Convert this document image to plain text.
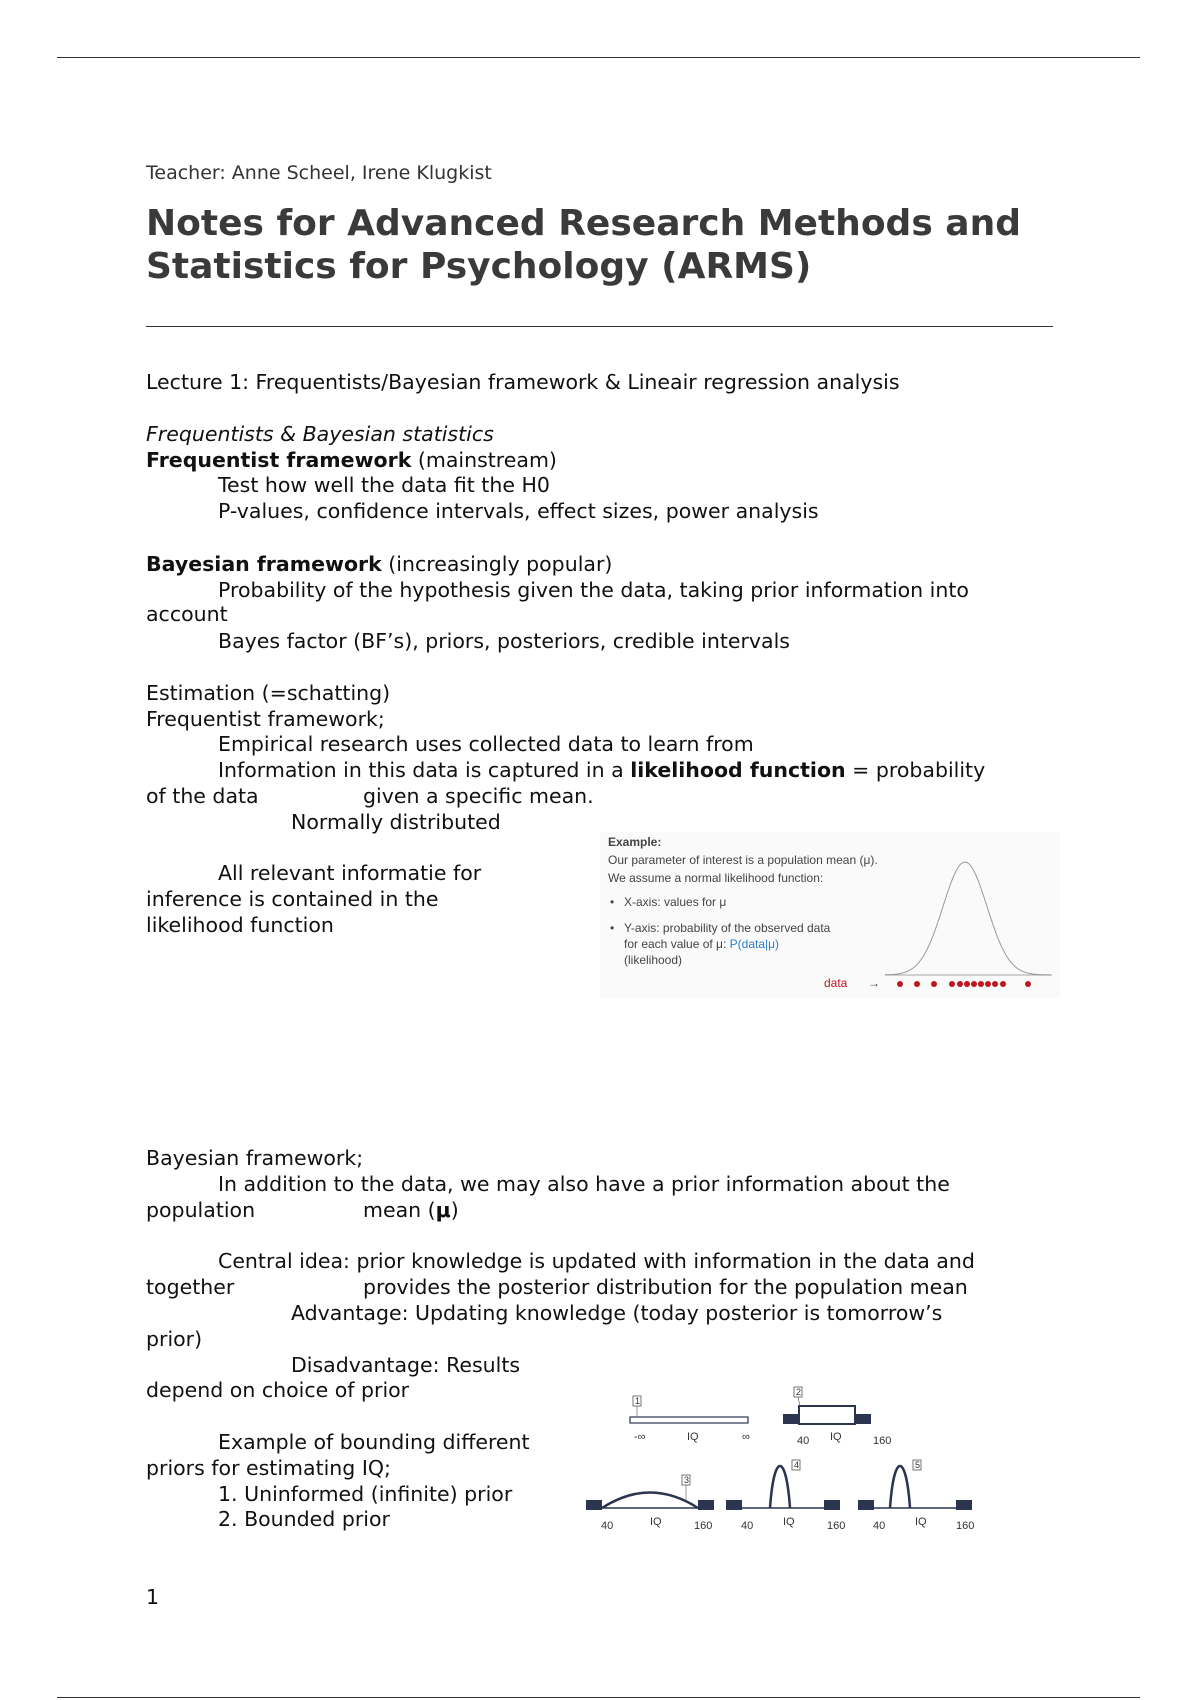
Teacher: Anne Scheel, Irene Klugkist
Notes for Advanced Research Methods and
Statistics for Psychology (ARMS)
Lecture 1: Frequentists/Bayesian framework & Lineair regression analysis
Frequentists & Bayesian statistics
Frequentist framework (mainstream)
Test how well the data fit the H0
P-values, confidence intervals, effect sizes, power analysis
Bayesian framework (increasingly popular)
Probability of the hypothesis given the data, taking prior information into
account
Bayes factor (BF’s), priors, posteriors, credible intervals
Estimation (=schatting)
Frequentist framework;
Empirical research uses collected data to learn from
Information in this data is captured in a likelihood function = probability
of the data	given a specific mean.
Normally distributed
All relevant informatie for
inference is contained in the
likelihood function
Example:
Our parameter of interest is a population mean (μ).
We assume a normal likelihood function:
• X-axis: values for μ
• Y-axis: probability of the observed data
for each value of μ: P(data|μ)
(likelihood)
data →
Bayesian framework;
In addition to the data, we may also have a prior information about the
population	mean (μ)
Central idea: prior knowledge is updated with information in the data and
together	provides the posterior distribution for the population mean
Advantage: Updating knowledge (today posterior is tomorrow’s
prior)
Disadvantage: Results
depend on choice of prior
Example of bounding different
priors for estimating IQ;
1. Uninformed (infinite) prior
2. Bounded prior
1
-∞	IQ	∞
2
40 IQ	160
3
40	IQ	160
4
40	IQ	160
5
40	IQ	160
1
